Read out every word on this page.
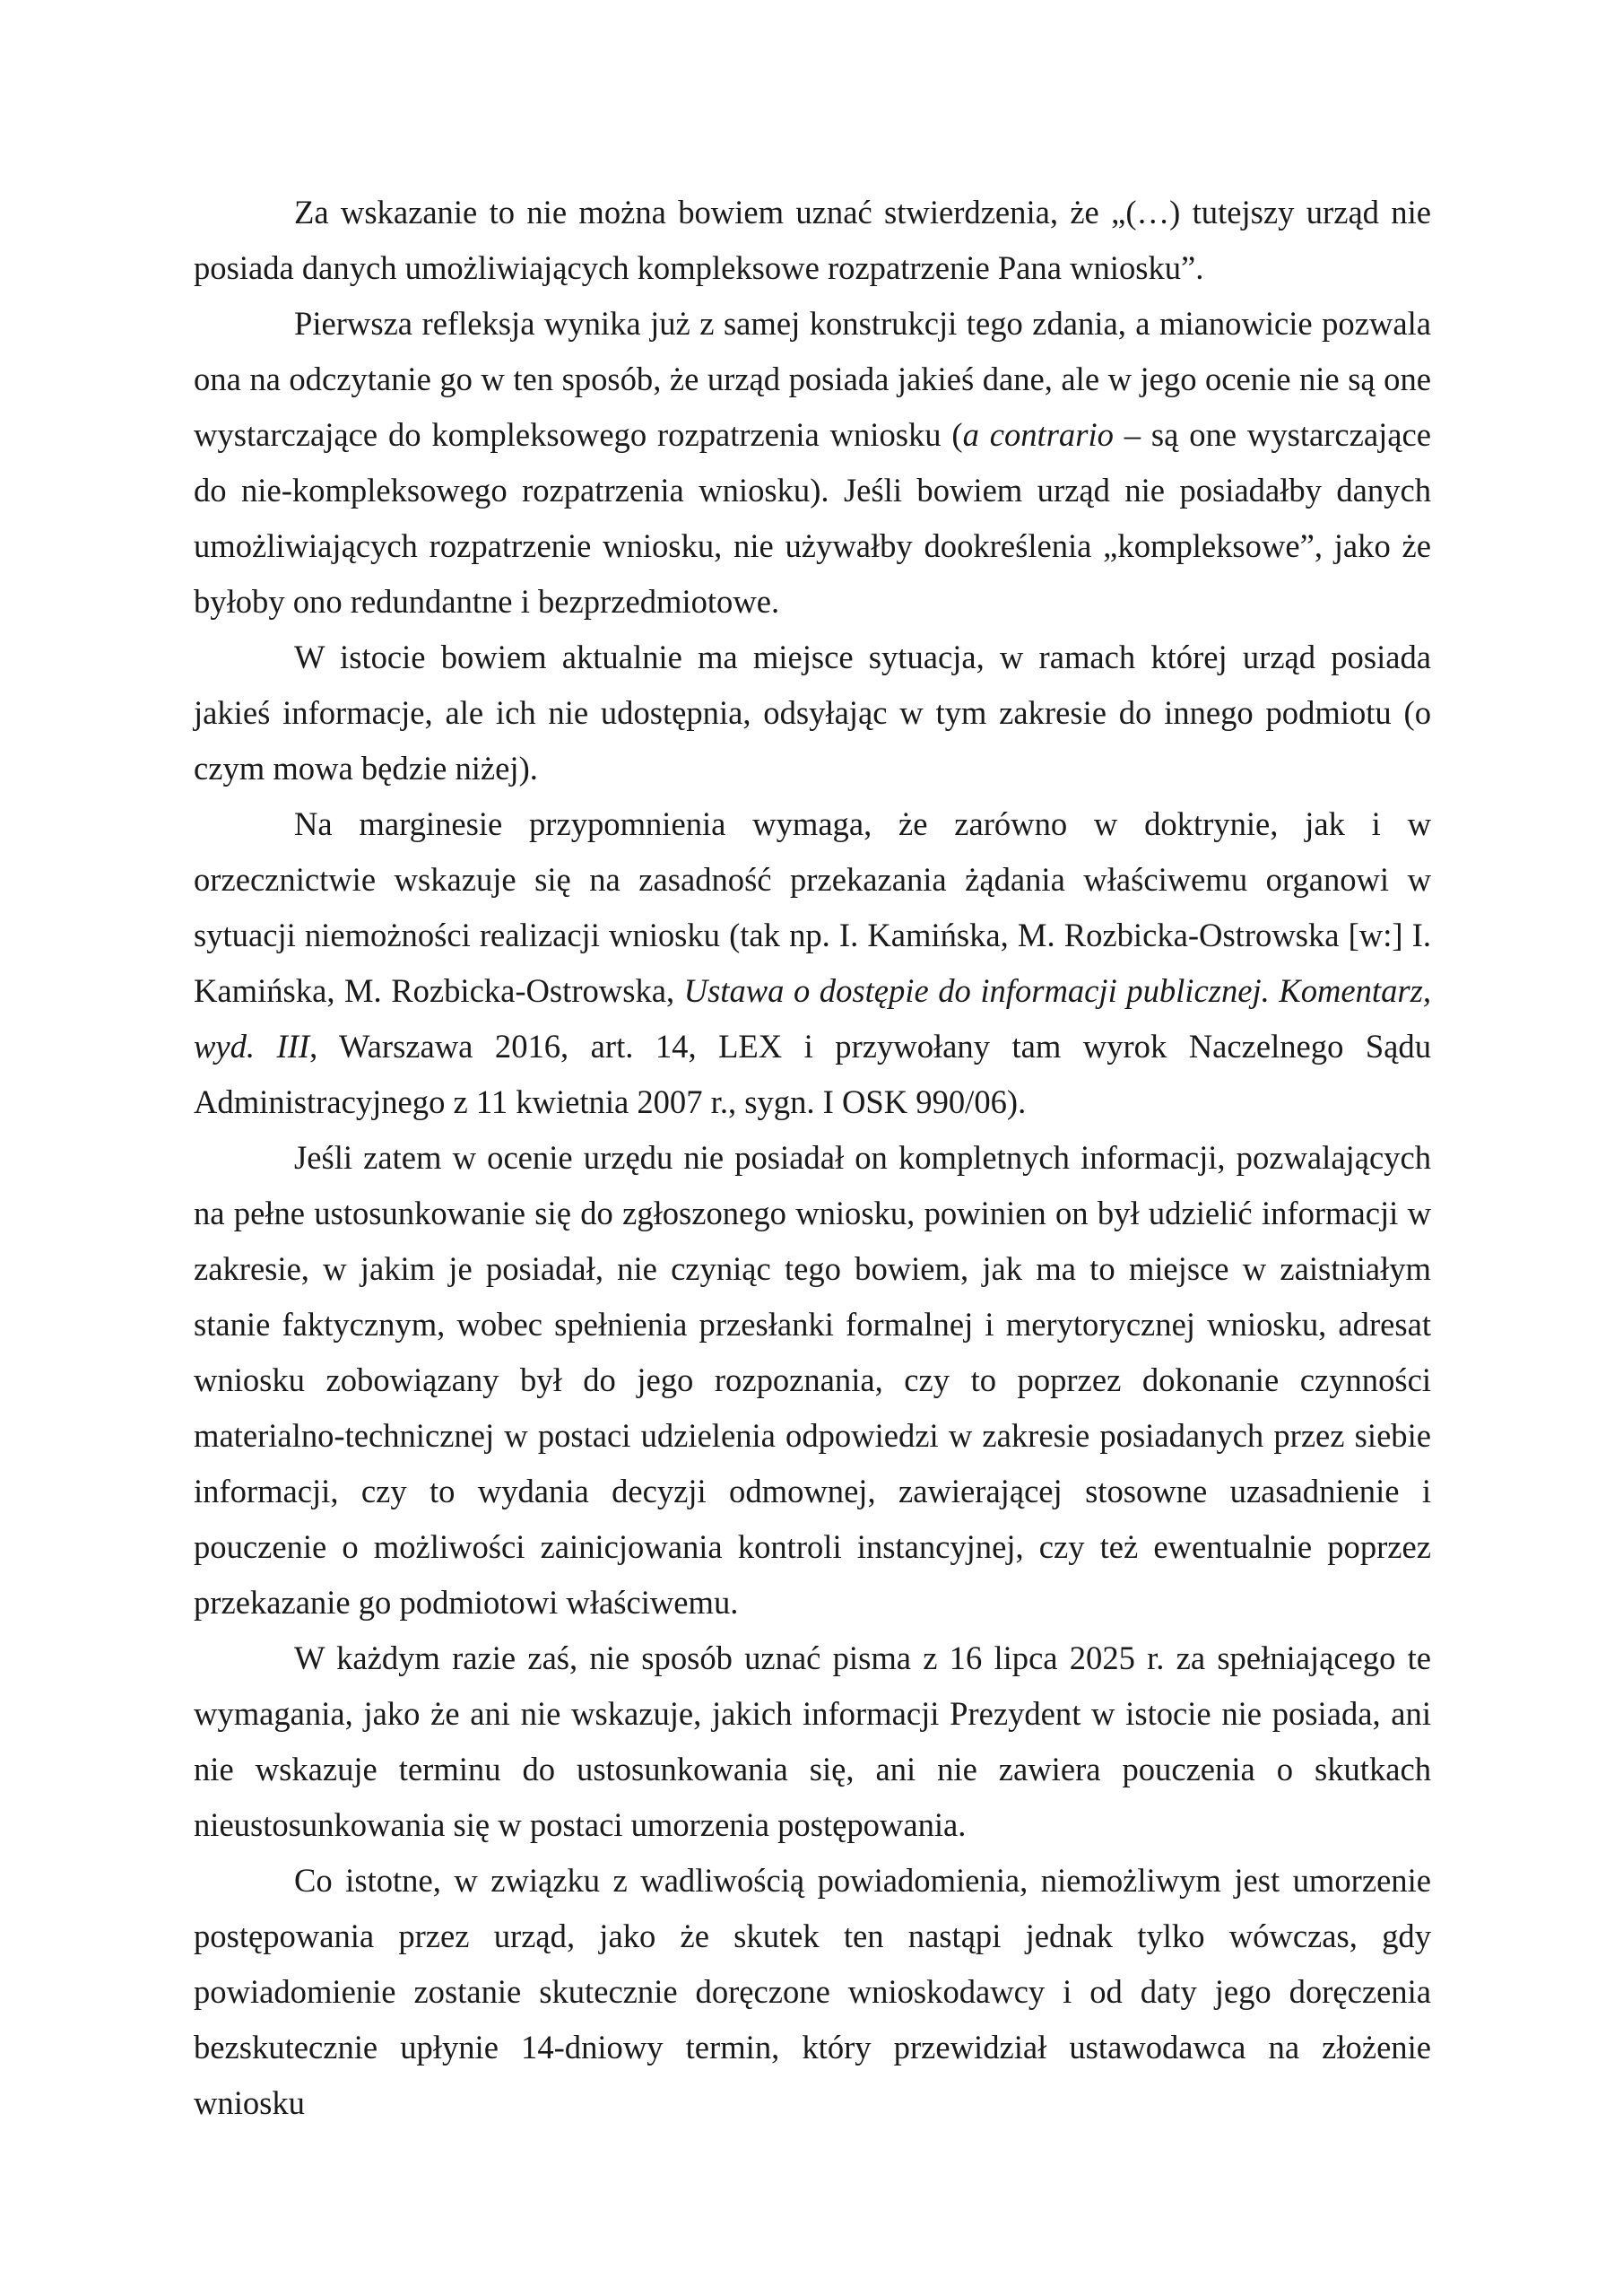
Za wskazanie to nie można bowiem uznać stwierdzenia, że „(…) tutejszy urząd nie posiada danych umożliwiających kompleksowe rozpatrzenie Pana wniosku”.

Pierwsza refleksja wynika już z samej konstrukcji tego zdania, a mianowicie pozwala ona na odczytanie go w ten sposób, że urząd posiada jakieś dane, ale w jego ocenie nie są one wystarczające do kompleksowego rozpatrzenia wniosku (a contrario – są one wystarczające do nie-kompleksowego rozpatrzenia wniosku). Jeśli bowiem urząd nie posiadałby danych umożliwiających rozpatrzenie wniosku, nie używałby dookreślenia „kompleksowe”, jako że byłoby ono redundantne i bezprzedmiotowe.

W istocie bowiem aktualnie ma miejsce sytuacja, w ramach której urząd posiada jakieś informacje, ale ich nie udostępnia, odsyłając w tym zakresie do innego podmiotu (o czym mowa będzie niżej).

Na marginesie przypomnienia wymaga, że zarówno w doktrynie, jak i w orzecznictwie wskazuje się na zasadność przekazania żądania właściwemu organowi w sytuacji niemożności realizacji wniosku (tak np. I. Kamińska, M. Rozbicka-Ostrowska [w:] I. Kamińska, M. Rozbicka-Ostrowska, Ustawa o dostępie do informacji publicznej. Komentarz, wyd. III, Warszawa 2016, art. 14, LEX i przywołany tam wyrok Naczelnego Sądu Administracyjnego z 11 kwietnia 2007 r., sygn. I OSK 990/06).

Jeśli zatem w ocenie urzędu nie posiadał on kompletnych informacji, pozwalających na pełne ustosunkowanie się do zgłoszonego wniosku, powinien on był udzielić informacji w zakresie, w jakim je posiadał, nie czyniąc tego bowiem, jak ma to miejsce w zaistniałym stanie faktycznym, wobec spełnienia przesłanki formalnej i merytorycznej wniosku, adresat wniosku zobowiązany był do jego rozpoznania, czy to poprzez dokonanie czynności materialno-technicznej w postaci udzielenia odpowiedzi w zakresie posiadanych przez siebie informacji, czy to wydania decyzji odmownej, zawierającej stosowne uzasadnienie i pouczenie o możliwości zainicjowania kontroli instancyjnej, czy też ewentualnie poprzez przekazanie go podmiotowi właściwemu.

W każdym razie zaś, nie sposób uznać pisma z 16 lipca 2025 r. za spełniającego te wymagania, jako że ani nie wskazuje, jakich informacji Prezydent w istocie nie posiada, ani nie wskazuje terminu do ustosunkowania się, ani nie zawiera pouczenia o skutkach nieustosunkowania się w postaci umorzenia postępowania.

Co istotne, w związku z wadliwością powiadomienia, niemożliwym jest umorzenie postępowania przez urząd, jako że skutek ten nastąpi jednak tylko wówczas, gdy powiadomienie zostanie skutecznie doręczone wnioskodawcy i od daty jego doręczenia bezskutecznie upłynie 14-dniowy termin, który przewidział ustawodawca na złożenie wniosku
